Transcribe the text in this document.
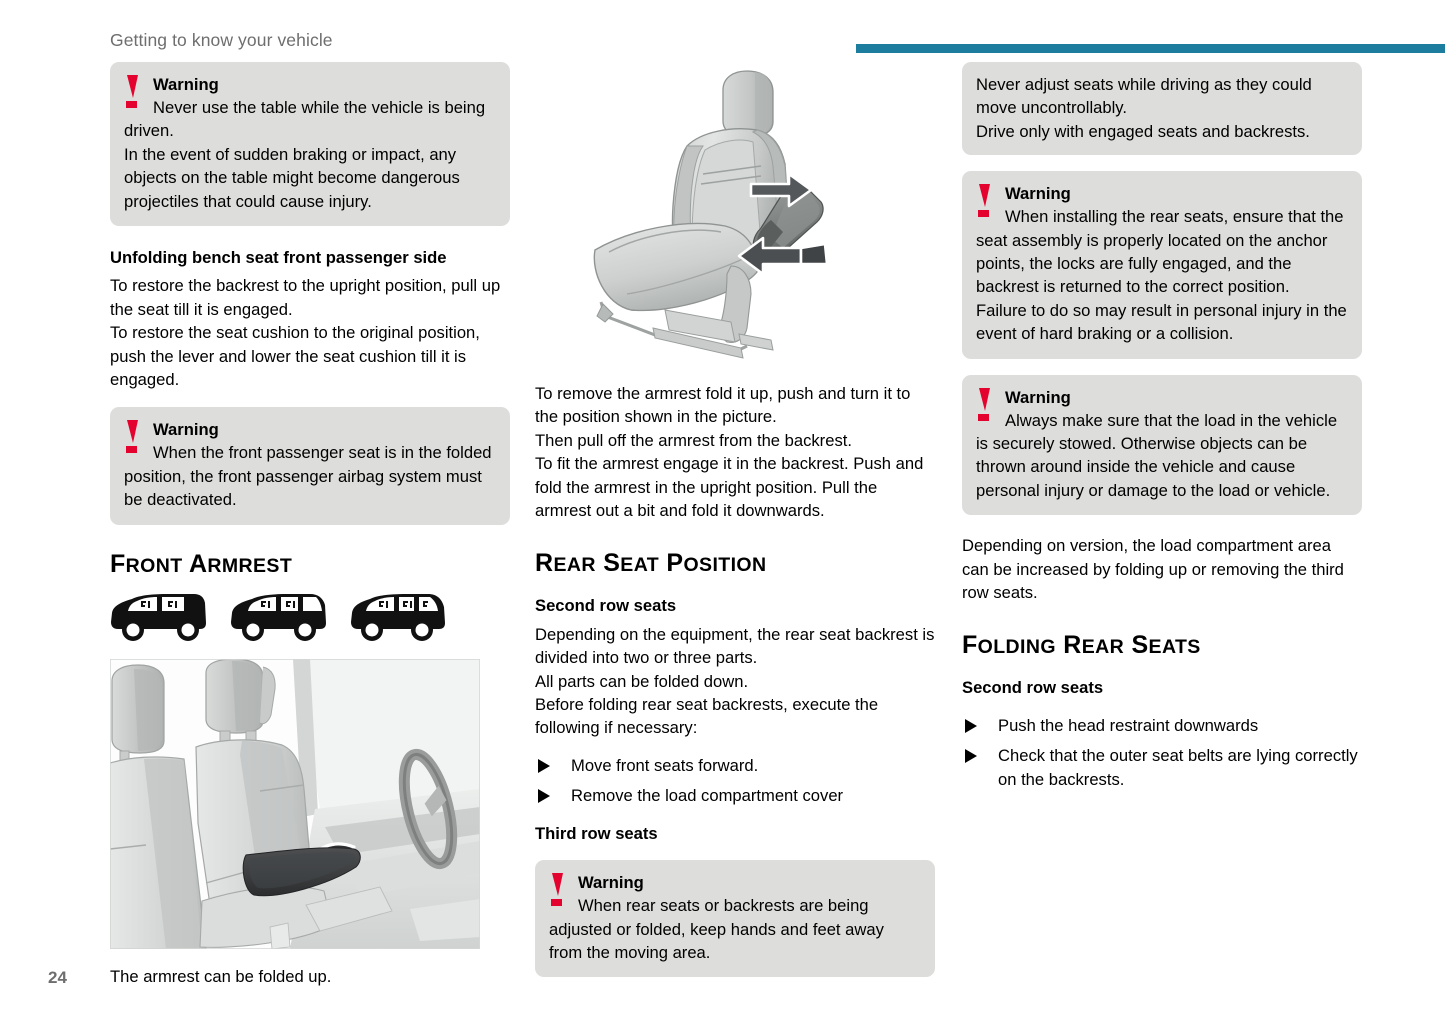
Getting to know your vehicle

Warning

Never use the table while the vehicle is being driven.
In the event of sudden braking or impact, any objects on the table might become dangerous projectiles that could cause injury.

Unfolding bench seat front passenger side

To restore the backrest to the upright position, pull up the seat till it is engaged.
To restore the seat cushion to the original position, push the lever and lower the seat cushion till it is engaged.

Warning

When the front passenger seat is in the folded position, the front passenger airbag system must be deactivated.

FRONT ARMREST

The armrest can be folded up.

To remove the armrest fold it up, push and turn it to the position shown in the picture.
Then pull off the armrest from the backrest.
To fit the armrest engage it in the backrest. Push and fold the armrest in the upright position. Pull the armrest out a bit and fold it downwards.
REAR SEAT POSITION

Second row seats

Depending on the equipment, the rear seat backrest is divided into two or three parts.
All parts can be folded down.
Before folding rear seat backrests, execute the following if necessary:
Move front seats forward.
Remove the load compartment cover

Third row seats

Warning

When rear seats or backrests are being adjusted or folded, keep hands and feet away from the moving area.

Never adjust seats while driving as they could move uncontrollably.
Drive only with engaged seats and backrests.

Warning

When installing the rear seats, ensure that the seat assembly is properly located on the anchor points, the locks are fully engaged, and the backrest is returned to the correct position.
Failure to do so may result in personal injury in the event of hard braking or a collision.

Warning

Always make sure that the load in the vehicle is securely stowed. Otherwise objects can be thrown around inside the vehicle and cause personal injury or damage to the load or vehicle.

Depending on version, the load compartment area can be increased by folding up or removing the third row seats.
FOLDING REAR SEATS

Second row seats

Push the head restraint downwards
Check that the outer seat belts are lying correctly on the backrests.
24
